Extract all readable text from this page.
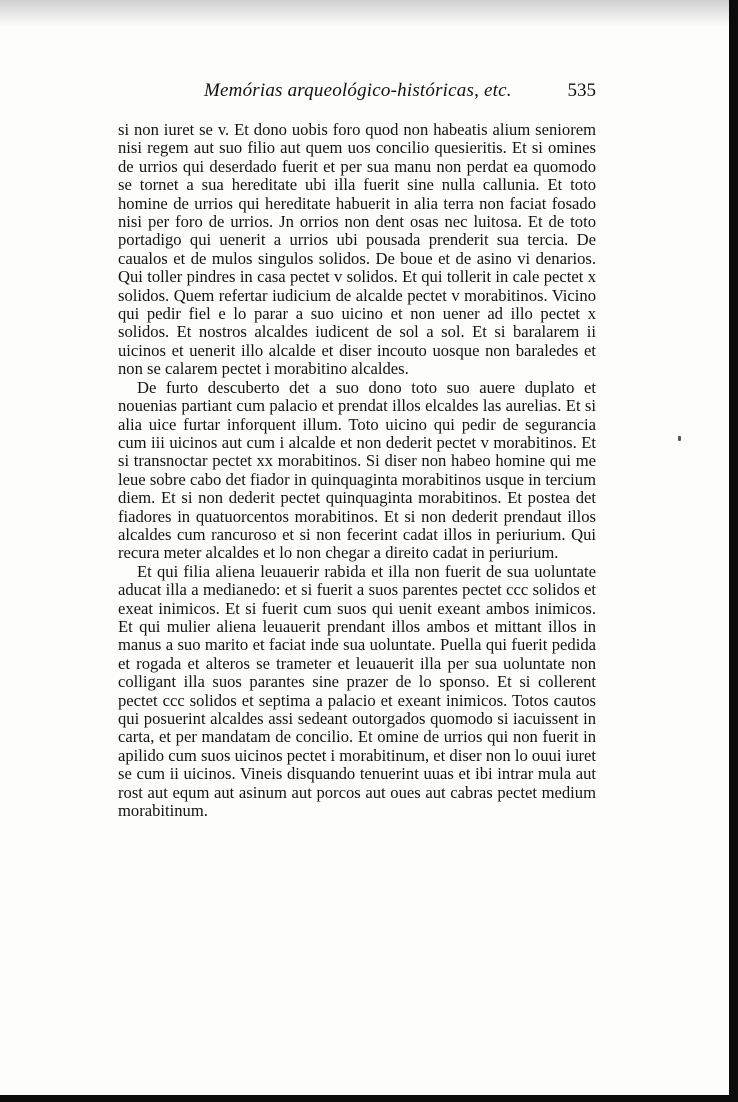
Memórias arqueológico-históricas, etc.	535

si non iuret se v. Et dono uobis foro quod non habeatis alium seniorem nisi regem aut suo filio aut quem uos concilio quesieritis. Et si omines de urrios qui deserdado fuerit et per sua manu non perdat ea quomodo se tornet a sua hereditate ubi illa fuerit sine nulla callunia. Et toto homine de urrios qui hereditate habuerit in alia terra non faciat fosado nisi per foro de urrios. Jn orrios non dent osas nec luitosa. Et de toto portadigo qui uenerit a urrios ubi pousada prenderit sua tercia. De caualos et de mulos singulos solidos. De boue et de asino vi denarios. Qui toller pindres in casa pectet v solidos. Et qui tollerit in cale pectet x solidos. Quem refertar iudicium de alcalde pectet v morabitinos. Vicino qui pedir fiel e lo parar a suo uicino et non uener ad illo pectet x solidos. Et nostros alcaldes iudicent de sol a sol. Et si baralarem ii uicinos et uenerit illo alcalde et diser incouto uosque non baraledes et non se calarem pectet i morabitino alcaldes.

De furto descuberto det a suo dono toto suo auere duplato et nouenias partiant cum palacio et prendat illos elcaldes las aurelias. Et si alia uice furtar inforquent illum. Toto uicino qui pedir de segurancia cum iii uicinos aut cum i alcalde et non dederit pectet v morabitinos. Et si transnoctar pectet xx morabitinos. Si diser non habeo homine qui me leue sobre cabo det fiador in quinquaginta morabitinos usque in tercium diem. Et si non dederit pectet quinquaginta morabitinos. Et postea det fiadores in quatuorcentos morabitinos. Et si non dederit prendaut illos alcaldes cum rancuroso et si non fecerint cadat illos in periurium. Qui recura meter alcaldes et lo non chegar a direito cadat in periurium.

Et qui filia aliena leuauerir rabida et illa non fuerit de sua uoluntate aducat illa a medianedo: et si fuerit a suos parentes pectet ccc solidos et exeat inimicos. Et si fuerit cum suos qui uenit exeant ambos inimicos. Et qui mulier aliena leuauerit prendant illos ambos et mittant illos in manus a suo marito et faciat inde sua uoluntate. Puella qui fuerit pedida et rogada et alteros se trameter et leuauerit illa per sua uoluntate non colligant illa suos parantes sine prazer de lo sponso. Et si collerent pectet ccc solidos et septima a palacio et exeant inimicos. Totos cautos qui posuerint alcaldes assi sedeant outorgados quomodo si iacuissent in carta, et per mandatam de concilio. Et omine de urrios qui non fuerit in apilido cum suos uicinos pectet i morabitinum, et diser non lo ouui iuret se cum ii uicinos. Vineis disquando tenuerint uuas et ibi intrar mula aut rost aut equm aut asinum aut porcos aut oues aut cabras pectet medium morabitinum.
